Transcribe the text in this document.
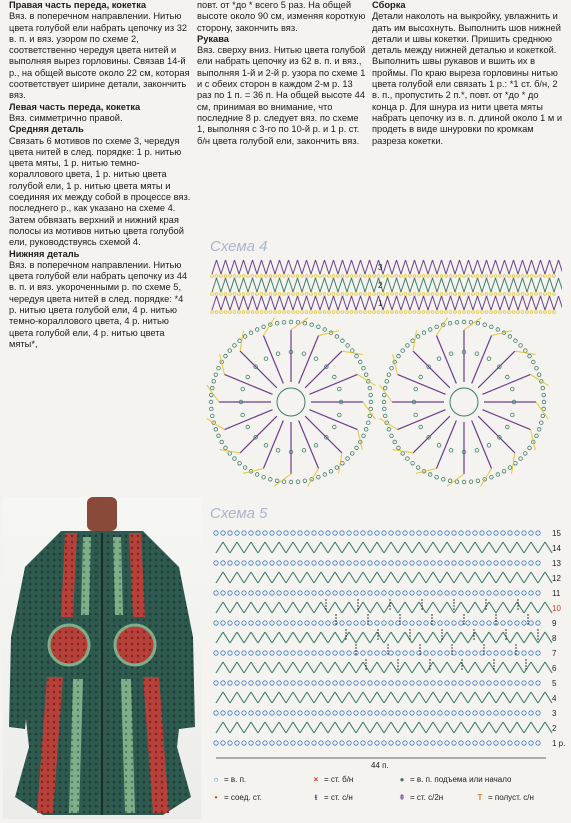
Правая часть переда, кокетка

Вяз. в поперечном направлении. Нитью цвета голубой ели набрать цепочку из 32 в. п. и вяз. узором по схеме 2, соответственно чередуя цвета нитей и выполняя вырез горловины. Связав 14-й р., на общей высоте около 22 см, которая соответствует ширине детали, закончить вяз.

Левая часть переда, кокетка

Вяз. симметрично правой.

Средняя деталь

Связать 6 мотивов по схеме 3, чередуя цвета нитей в след. порядке: 1 р. нитью цвета мяты, 1 р. нитью темно-кораллового цвета, 1 р. нитью цвета голубой ели, 1 р. нитью цвета мяты и соединяя их между собой в процессе вяз. последнего р., как указано на схеме 4. Затем обвязать верхний и нижний края полосы из мотивов нитью цвета голубой ели, руководствуясь схемой 4.

Нижняя деталь

Вяз. в поперечном направлении. Нитью цвета голубой ели набрать цепочку из 44 в. п. и вяз. укороченными р. по схеме 5, чередуя цвета нитей в след. порядке: *4 р. нитью цвета голубой ели, 4 р. нитью темно-кораллового цвета, 4 р. нитью цвета голубой ели, 4 р. нитью цвета мяты*,

повт. от *до * всего 5 раз. На общей высоте около 90 см, изменяя короткую сторону, закончить вяз.

Рукава

Вяз. сверху вниз. Нитью цвета голубой ели набрать цепочку из 62 в. п. и вяз., выполняя 1-й и 2-й р. узора по схеме 1 и с обеих сторон в каждом 2-м р. 13 раз по 1 п. = 36 п. На общей высоте 44 см, принимая во внимание, что последние 8 р. следует вяз. по схеме 1, выполняя с 3-го по 10-й р. и 1 р. ст. б/н цвета голубой ели, закончить вяз.

Сборка

Детали наколоть на выкройку, увлажнить и дать им высохнуть. Выполнить шов нижней детали и швы кокетки. Пришить среднюю деталь между нижней деталью и кокеткой. Выполнить швы рукавов и вшить их в проймы. По краю выреза горловины нитью цвета голубой ели связать 1 р.: *1 ст. б/н, 2 в. п., пропустить 2 п.*, повт. от *до * до конца р. Для шнура из нити цвета мяты набрать цепочку из в. п. длиной около 1 м и продеть в виде шнуровки по кромкам разреза кокетки.

Схема 4
3
2
1
Схема 5
15
14
13
12
11
10
9
8
7
6
5
4
3
2
1 р.
44 п.
○ = в. п.	× = ст. б/н	● = в. п. подъема или начало
• = соед. ст.	ŧ = ст. с/н	ǂ = ст. с/2н	T = полуст. с/н
